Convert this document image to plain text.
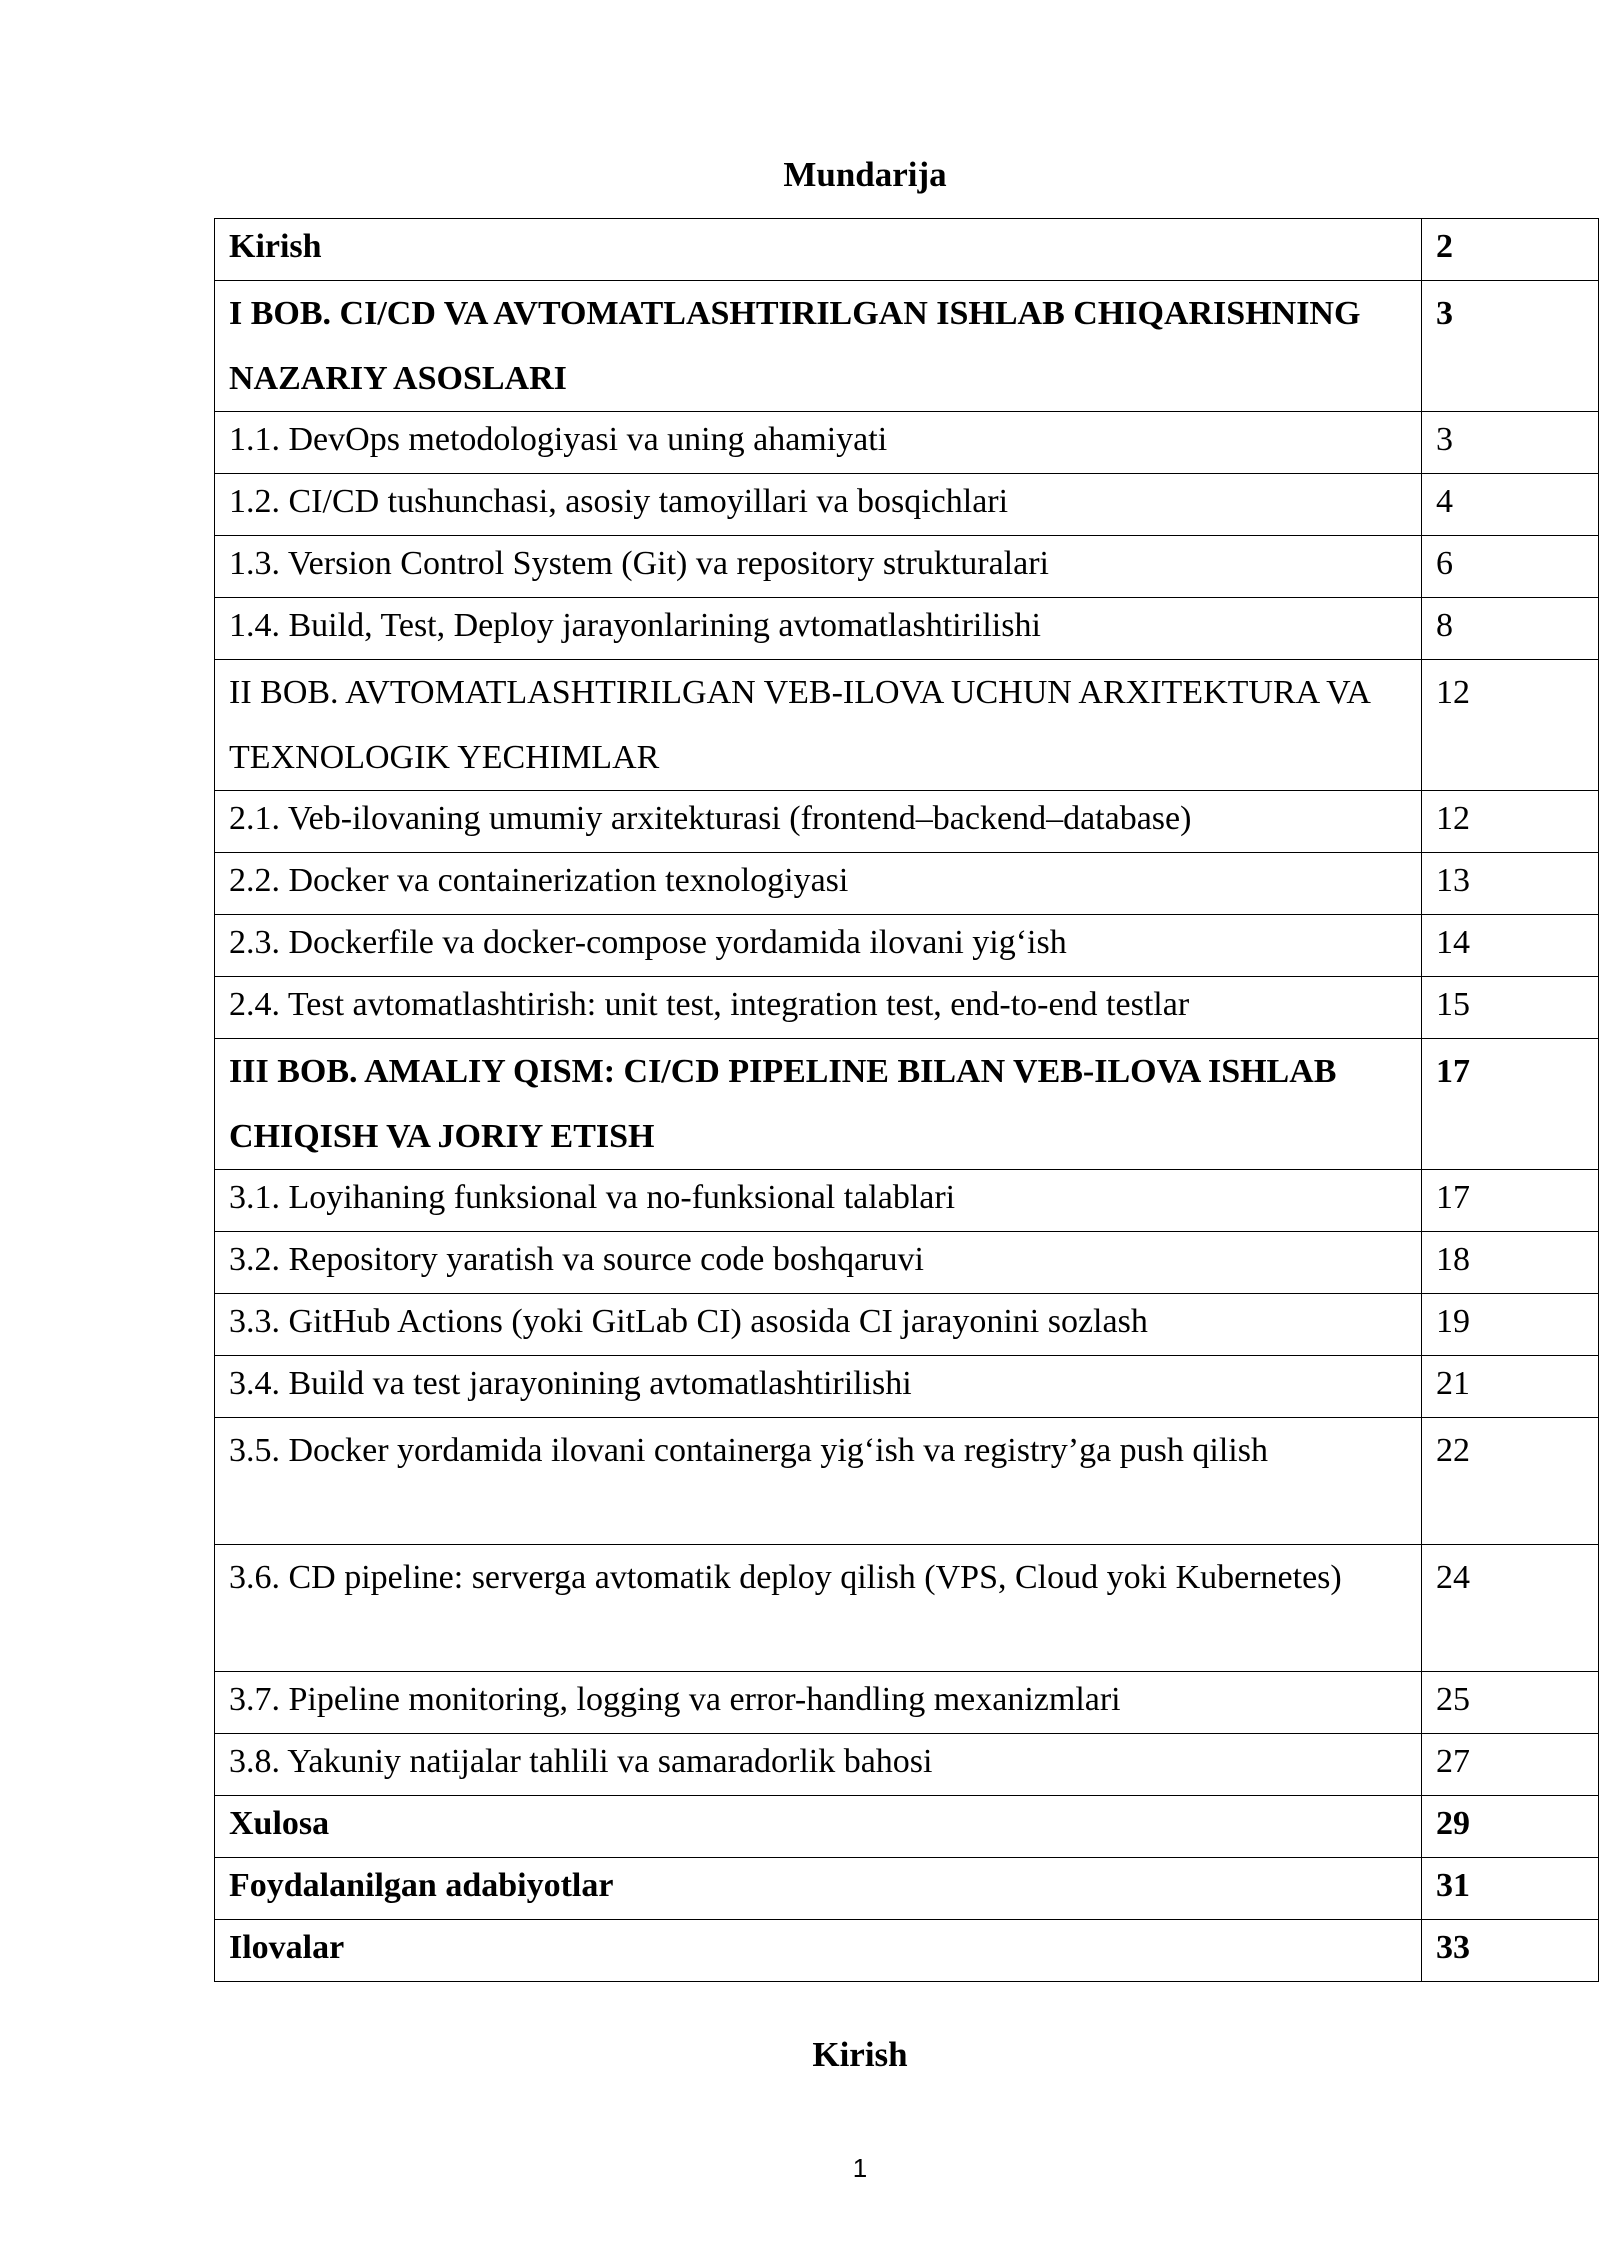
Mundarija
Kirish	2
I BOB. CI/CD VA AVTOMATLASHTIRILGAN ISHLAB CHIQARISHNING NAZARIY ASOSLARI	3
1.1. DevOps metodologiyasi va uning ahamiyati	3
1.2. CI/CD tushunchasi, asosiy tamoyillari va bosqichlari	4
1.3. Version Control System (Git) va repository strukturalari	6
1.4. Build, Test, Deploy jarayonlarining avtomatlashtirilishi	8
II BOB. AVTOMATLASHTIRILGAN VEB-ILOVA UCHUN ARXITEKTURA VA TEXNOLOGIK YECHIMLAR	12
2.1. Veb-ilovaning umumiy arxitekturasi (frontend–backend–database)	12
2.2. Docker va containerization texnologiyasi	13
2.3. Dockerfile va docker-compose yordamida ilovani yig‘ish	14
2.4. Test avtomatlashtirish: unit test, integration test, end-to-end testlar	15
III BOB. AMALIY QISM: CI/CD PIPELINE BILAN VEB-ILOVA ISHLAB CHIQISH VA JORIY ETISH	17
3.1. Loyihaning funksional va no-funksional talablari	17
3.2. Repository yaratish va source code boshqaruvi	18
3.3. GitHub Actions (yoki GitLab CI) asosida CI jarayonini sozlash	19
3.4. Build va test jarayonining avtomatlashtirilishi	21
3.5. Docker yordamida ilovani containerga yig‘ish va registry’ga push qilish	22
3.6. CD pipeline: serverga avtomatik deploy qilish (VPS, Cloud yoki Kubernetes)	24
3.7. Pipeline monitoring, logging va error-handling mexanizmlari	25
3.8. Yakuniy natijalar tahlili va samaradorlik bahosi	27
Xulosa	29
Foydalanilgan adabiyotlar	31
Ilovalar	33
Kirish
1
